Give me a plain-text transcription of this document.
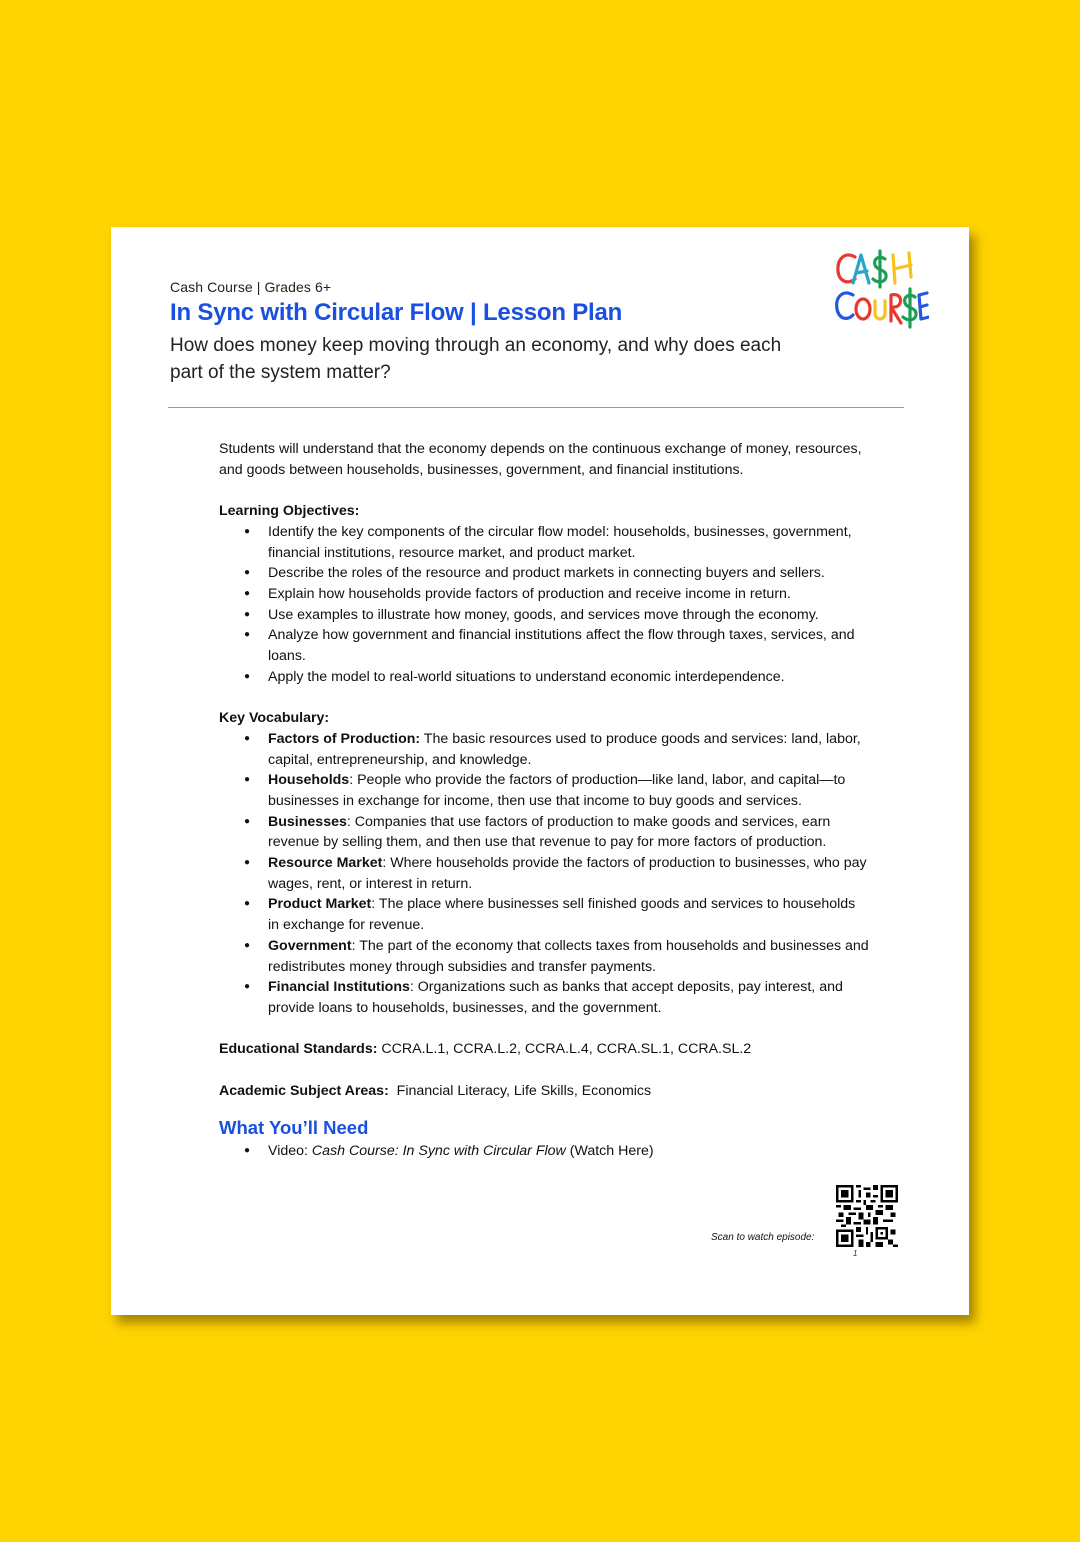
Cash Course | Grades 6+
In Sync with Circular Flow | Lesson Plan
How does money keep moving through an economy, and why does each part of the system matter?

Students will understand that the economy depends on the continuous exchange of money, resources, and goods between households, businesses, government, and financial institutions.

Learning Objectives:

● Identify the key components of the circular flow model: households, businesses, government, financial institutions, resource market, and product market.
● Describe the roles of the resource and product markets in connecting buyers and sellers.
● Explain how households provide factors of production and receive income in return.
● Use examples to illustrate how money, goods, and services move through the economy.
● Analyze how government and financial institutions affect the flow through taxes, services, and loans.
● Apply the model to real-world situations to understand economic interdependence.

Key Vocabulary:

● Factors of Production: The basic resources used to produce goods and services: land, labor, capital, entrepreneurship, and knowledge.
● Households: People who provide the factors of production—like land, labor, and capital—to businesses in exchange for income, then use that income to buy goods and services.
● Businesses: Companies that use factors of production to make goods and services, earn revenue by selling them, and then use that revenue to pay for more factors of production.
● Resource Market: Where households provide the factors of production to businesses, who pay wages, rent, or interest in return.
● Product Market: The place where businesses sell finished goods and services to households in exchange for revenue.
● Government: The part of the economy that collects taxes from households and businesses and redistributes money through subsidies and transfer payments.
● Financial Institutions: Organizations such as banks that accept deposits, pay interest, and provide loans to households, businesses, and the government.

Educational Standards: CCRA.L.1, CCRA.L.2, CCRA.L.4, CCRA.SL.1, CCRA.SL.2

Academic Subject Areas:  Financial Literacy, Life Skills, Economics

What You’ll Need
● Video: Cash Course: In Sync with Circular Flow (Watch Here)
Scan to watch episode:
1
